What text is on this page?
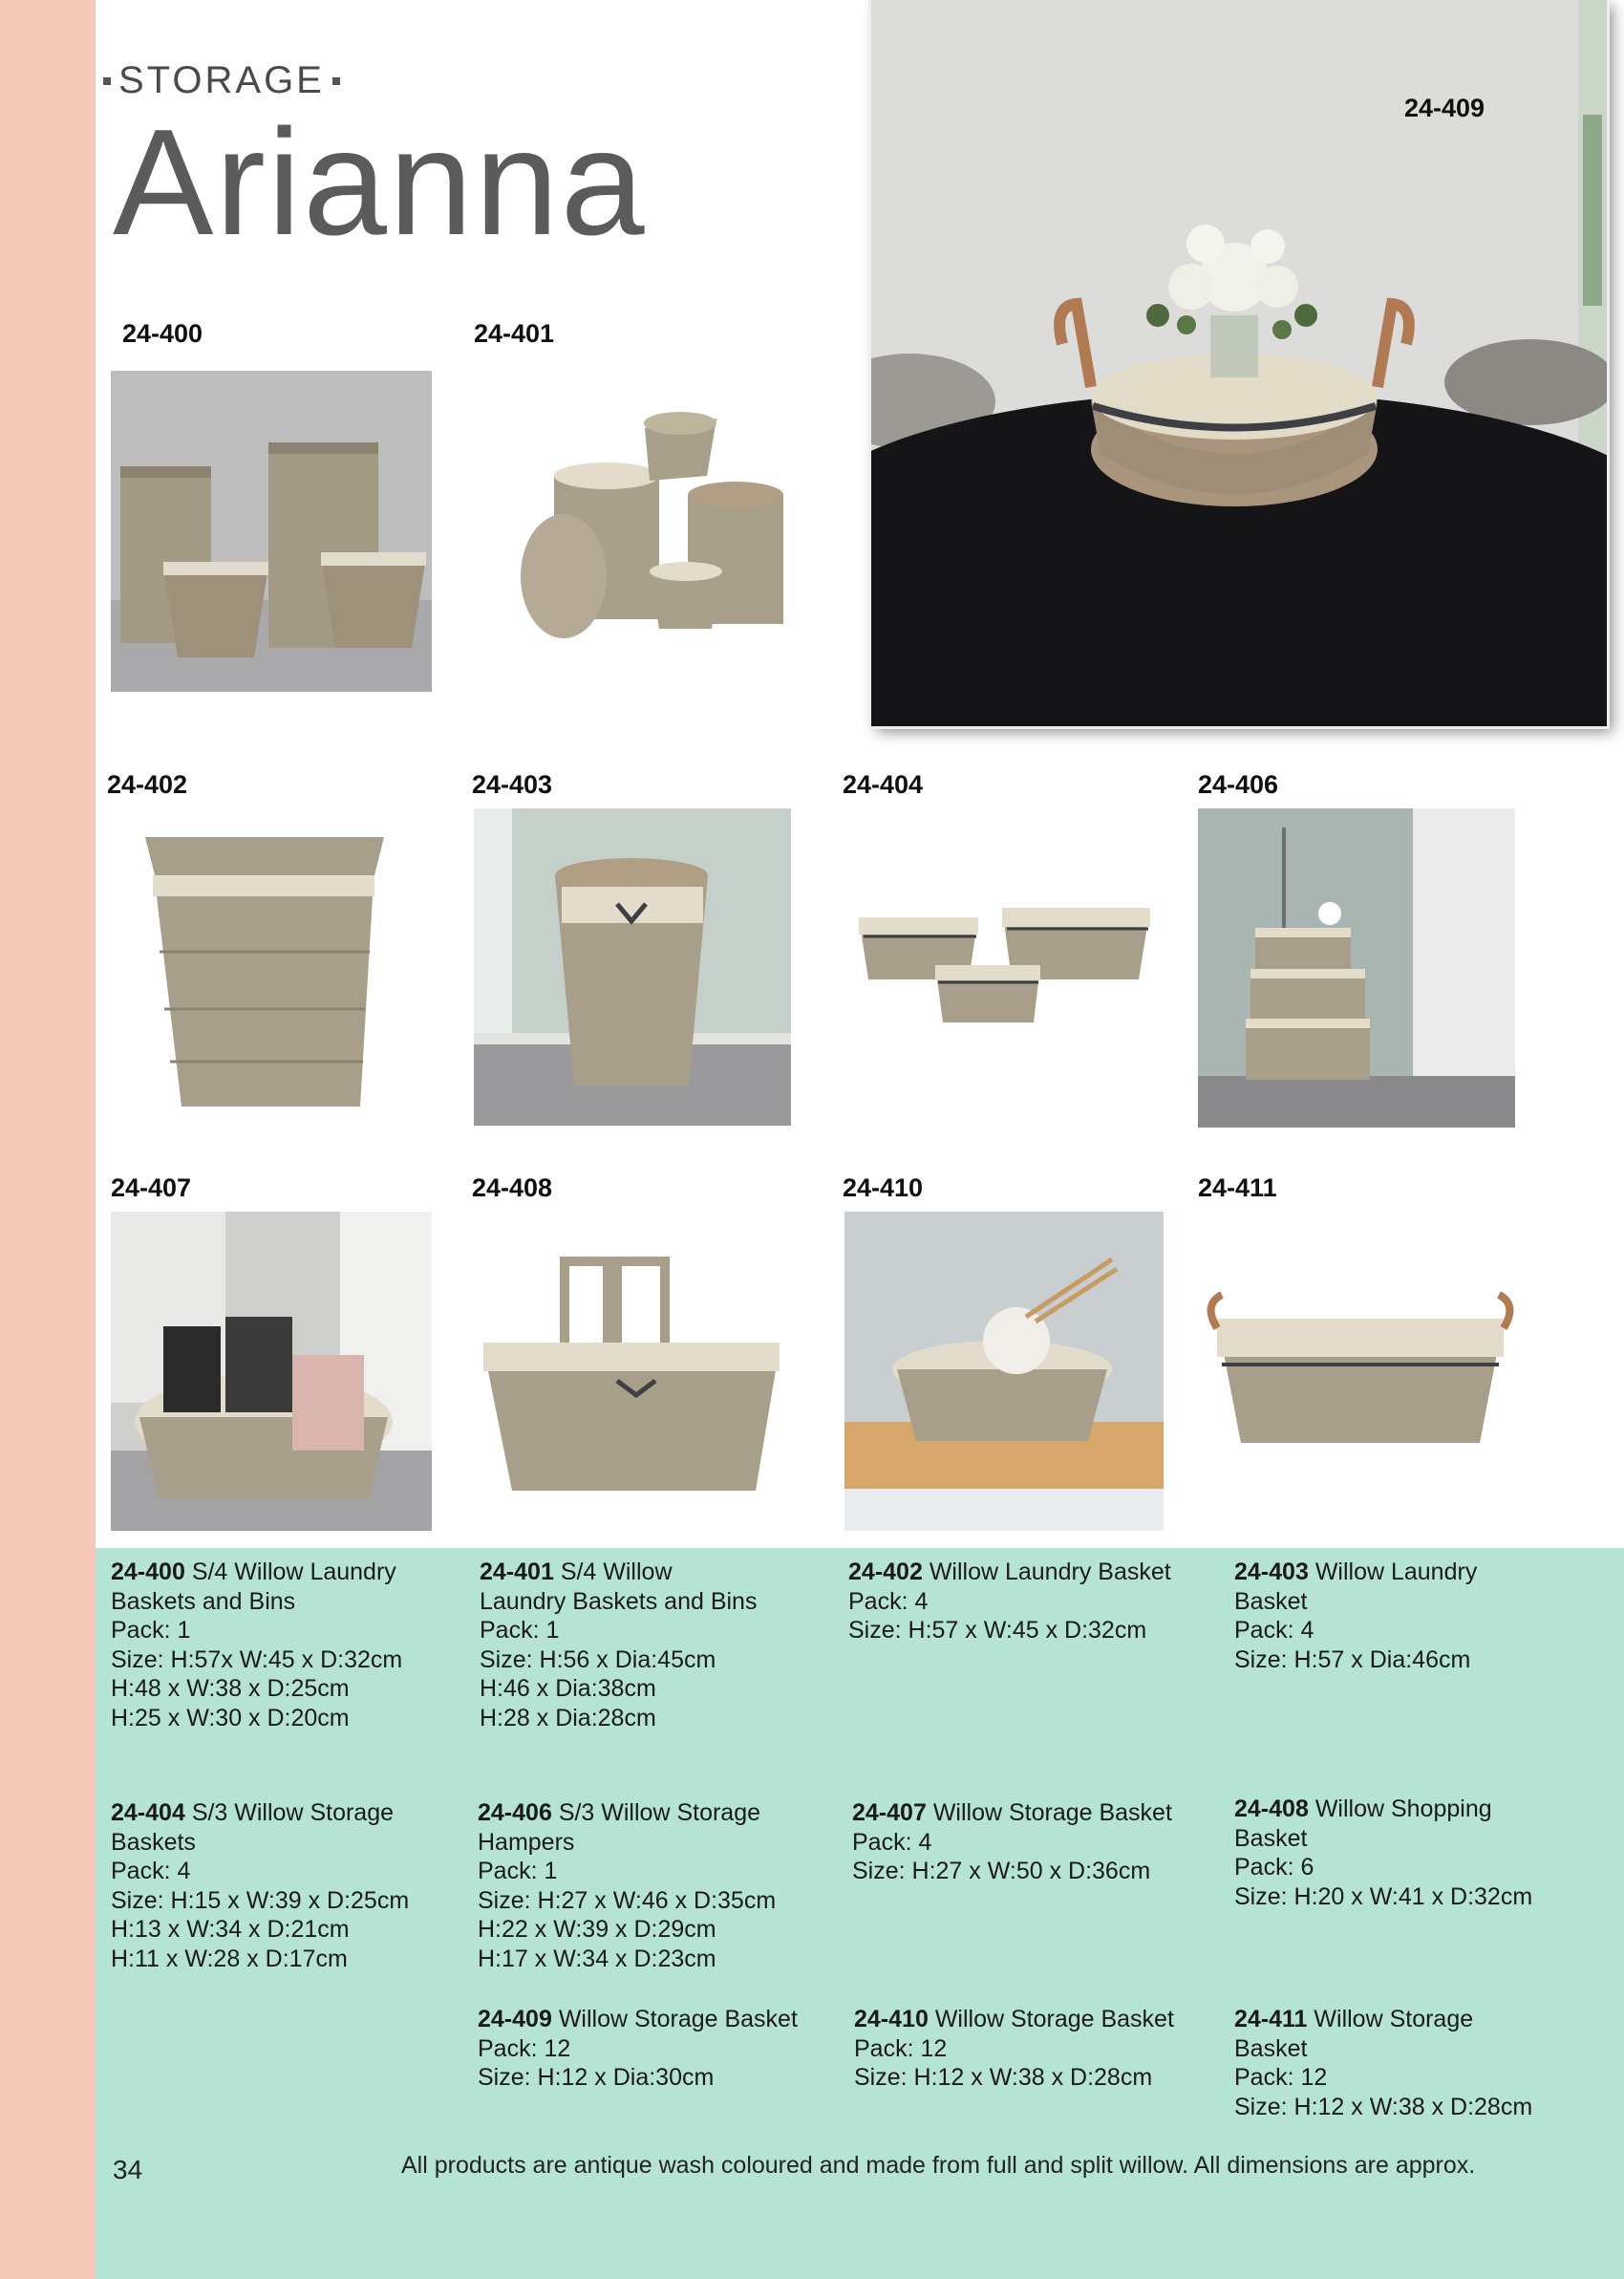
STORAGE
Arianna	24-409
24-400	24-401
24-402	24-403	24-404	24-406
24-407	24-408	24-410	24-411
24-400 S/4 Willow Laundry
Baskets and Bins
Pack: 1
Size: H:57x W:45 x D:32cm
H:48 x W:38 x D:25cm
H:25 x W:30 x D:20cm
24-401 S/4 Willow
Laundry Baskets and Bins
Pack: 1
Size: H:56 x Dia:45cm
H:46 x Dia:38cm
H:28 x Dia:28cm
24-402 Willow Laundry Basket
Pack: 4
Size: H:57 x W:45 x D:32cm
24-403 Willow Laundry
Basket
Pack: 4
Size: H:57 x Dia:46cm
24-404 S/3 Willow Storage
Baskets
Pack: 4
Size: H:15 x W:39 x D:25cm
H:13 x W:34 x D:21cm
H:11 x W:28 x D:17cm
24-406 S/3 Willow Storage
Hampers
Pack: 1
Size: H:27 x W:46 x D:35cm
H:22 x W:39 x D:29cm
H:17 x W:34 x D:23cm
24-407 Willow Storage Basket
Pack: 4
Size: H:27 x W:50 x D:36cm
24-408 Willow Shopping
Basket
Pack: 6
Size: H:20 x W:41 x D:32cm
24-409 Willow Storage Basket
Pack: 12
Size: H:12 x Dia:30cm
24-410 Willow Storage Basket
Pack: 12
Size: H:12 x W:38 x D:28cm
24-411 Willow Storage
Basket
Pack: 12
Size: H:12 x W:38 x D:28cm
34	All products are antique wash coloured and made from full and split willow. All dimensions are approx.
